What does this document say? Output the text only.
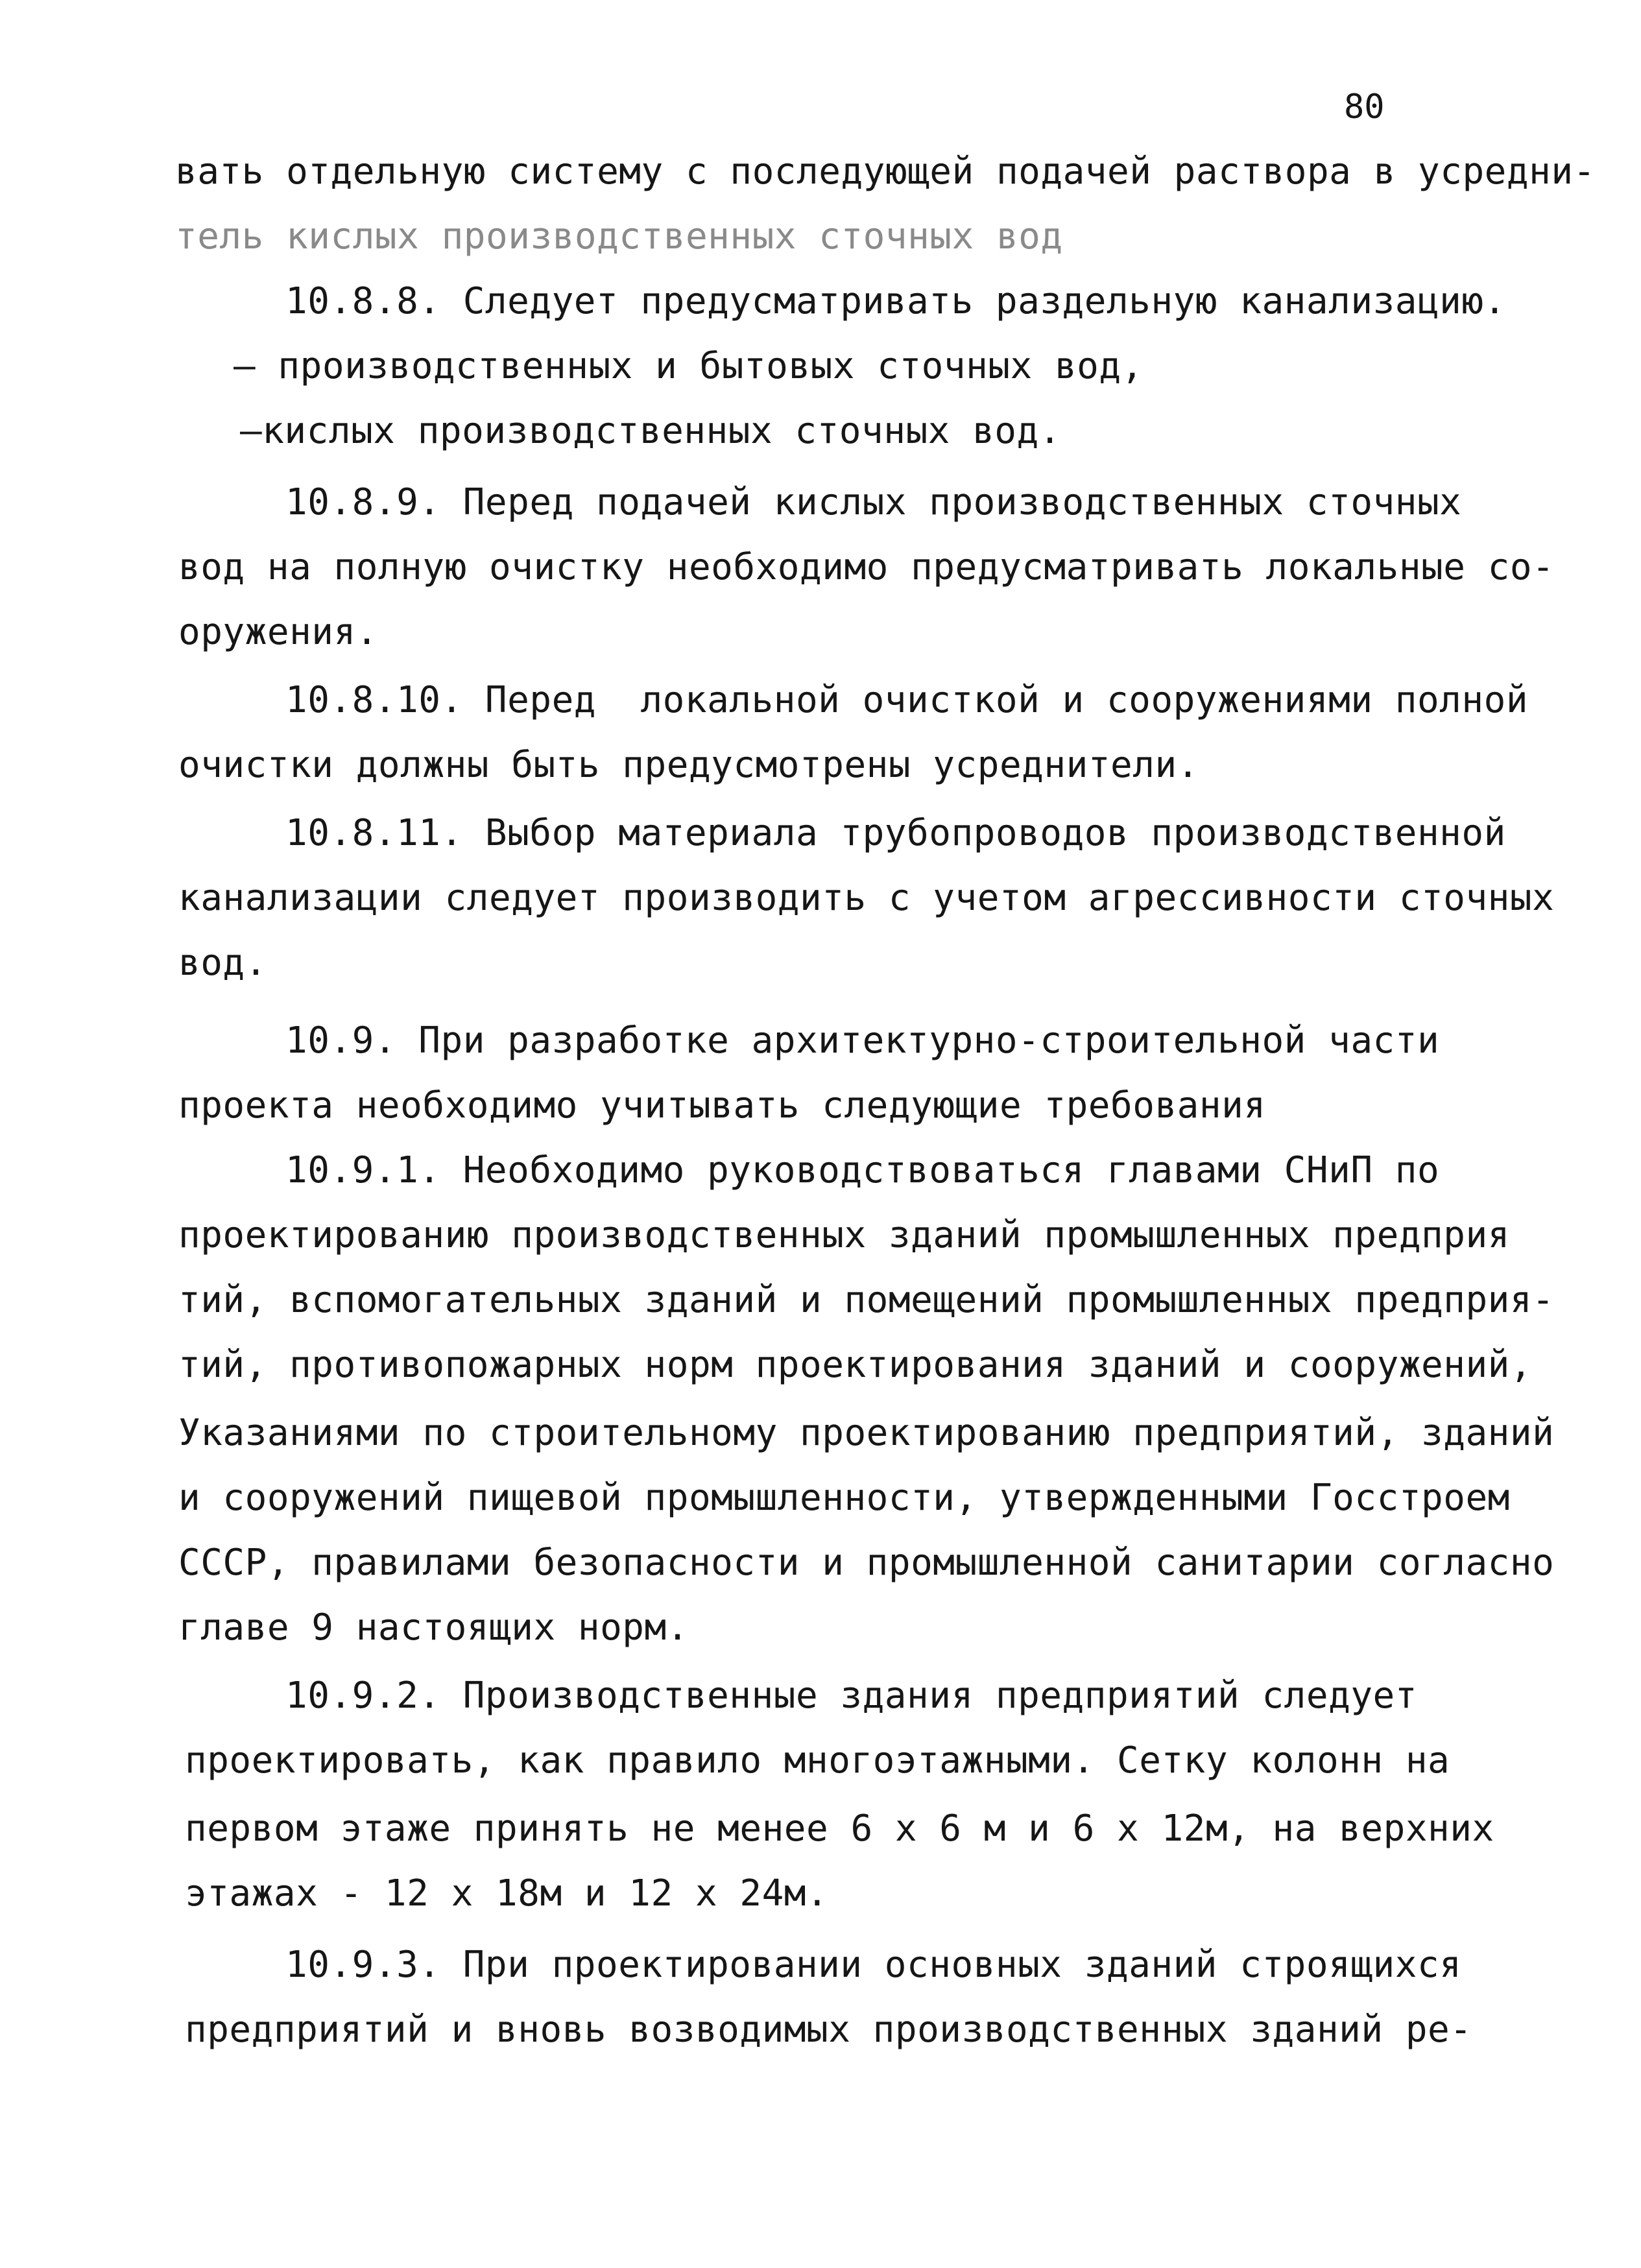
80
вать отдельную систему с последующей подачей раствора в усредни-
тель кислых производственных сточных вод
10.8.8. Следует предусматривать раздельную канализацию.
— производственных и бытовых сточных вод,
—кислых производственных сточных вод.
10.8.9. Перед подачей кислых производственных сточных
вод на полную очистку необходимо предусматривать локальные со-
оружения.
10.8.10. Перед  локальной очисткой и сооружениями полной
очистки должны быть предусмотрены усреднители.
10.8.11. Выбор материала трубопроводов производственной
канализации следует производить с учетом агрессивности сточных
вод.
10.9. При разработке архитектурно-строительной части
проекта необходимо учитывать следующие требования
10.9.1. Необходимо руководствоваться главами СНиП по
проектированию производственных зданий промышленных предприя
тий, вспомогательных зданий и помещений промышленных предприя-
тий, противопожарных норм проектирования зданий и сооружений,
Указаниями по строительному проектированию предприятий, зданий
и сооружений пищевой промышленности, утвержденными Госстроем
СССР, правилами безопасности и промышленной санитарии согласно
главе 9 настоящих норм.
10.9.2. Производственные здания предприятий следует
проектировать, как правило многоэтажными. Сетку колонн на
первом этаже принять не менее 6 х 6 м и 6 х 12м, на верхних
этажах - 12 х 18м и 12 х 24м.
10.9.3. При проектировании основных зданий строящихся
предприятий и вновь возводимых производственных зданий ре-
